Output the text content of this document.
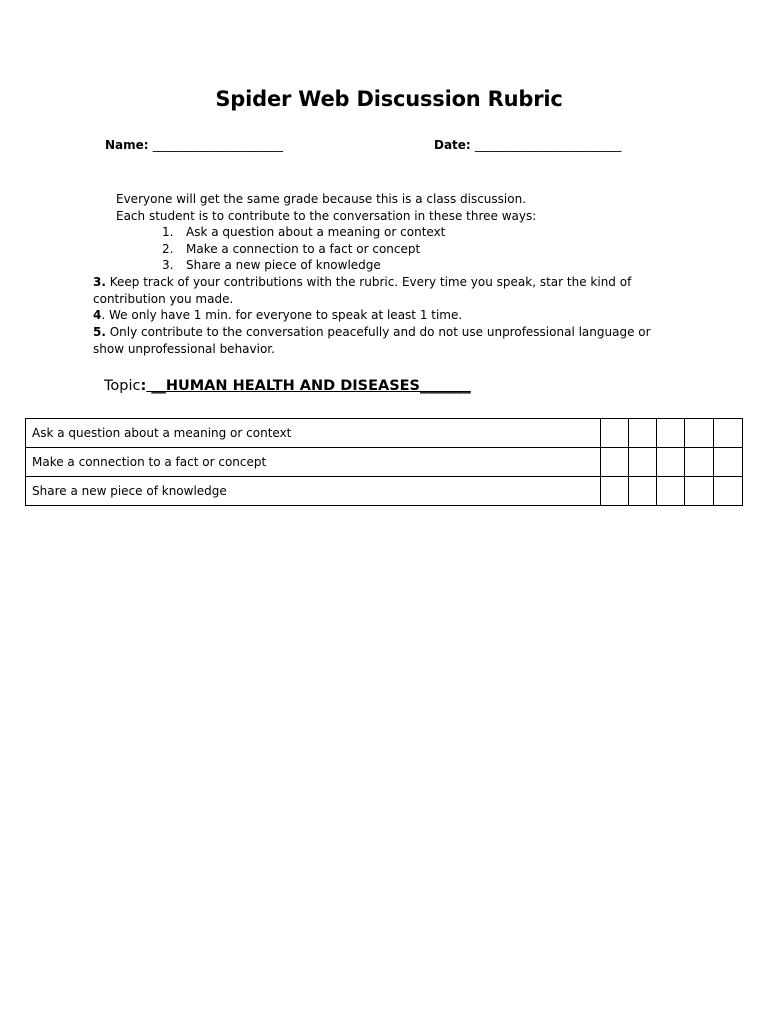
Spider Web Discussion Rubric
Name: ________________________	Date: ___________________________
Everyone will get the same grade because this is a class discussion.
Each student is to contribute to the conversation in these three ways:
1. Ask a question about a meaning or context
2. Make a connection to a fact or concept
3. Share a new piece of knowledge
3. Keep track of your contributions with the rubric. Every time you speak, star the kind of contribution you made.
4. We only have 1 min. for everyone to speak at least 1 time.
5. Only contribute to the conversation peacefully and do not use unprofessional language or show unprofessional behavior.
Topic: __HUMAN HEALTH AND DISEASES_______
Ask a question about a meaning or context					
Make a connection to a fact or concept					
Share a new piece of knowledge					
